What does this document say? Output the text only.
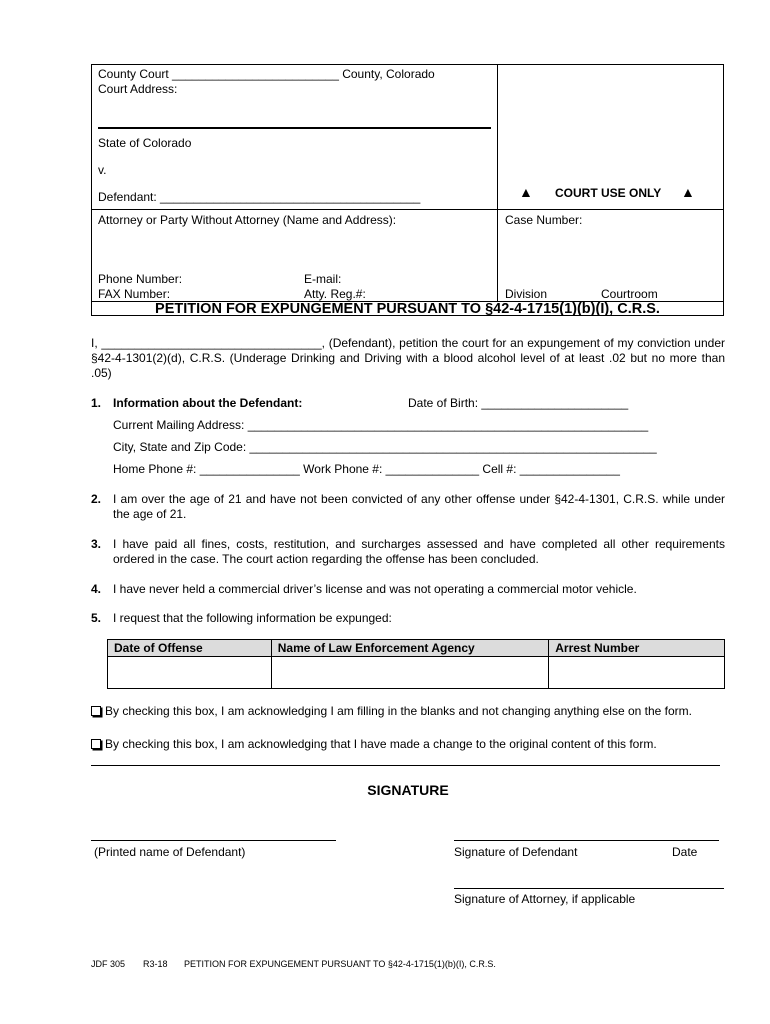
County Court _________________________ County, Colorado
Court Address:
State of Colorado
v.
Defendant: _______________________________________	▲ COURT USE ONLY ▲
Attorney or Party Without Attorney (Name and Address):
Phone Number:
FAX Number:
E-mail:
Atty. Reg.#:
Case Number:
Division	Courtroom
PETITION FOR EXPUNGEMENT PURSUANT TO §42-4-1715(1)(b)(I), C.R.S.
I, _________________________________, (Defendant), petition the court for an expungement of my conviction under §42-4-1301(2)(d), C.R.S. (Underage Drinking and Driving with a blood alcohol level of at least .02 but no more than .05)
1. Information about the Defendant:	Date of Birth: ______________________
Current Mailing Address: ____________________________________________________________
City, State and Zip Code: _____________________________________________________________
Home Phone #: _______________ Work Phone #: ______________ Cell #: _______________
2. I am over the age of 21 and have not been convicted of any other offense under §42-4-1301, C.R.S. while under the age of 21.
3. I have paid all fines, costs, restitution, and surcharges assessed and have completed all other requirements ordered in the case. The court action regarding the offense has been concluded.
4. I have never held a commercial driver’s license and was not operating a commercial motor vehicle.
5. I request that the following information be expunged:
Date of Offense	Name of Law Enforcement Agency	Arrest Number

By checking this box, I am acknowledging I am filling in the blanks and not changing anything else on the form.
By checking this box, I am acknowledging that I have made a change to the original content of this form.
SIGNATURE
(Printed name of Defendant)	Signature of Defendant	Date
Signature of Attorney, if applicable
JDF 305 R3-18 PETITION FOR EXPUNGEMENT PURSUANT TO §42-4-1715(1)(b)(I), C.R.S.
